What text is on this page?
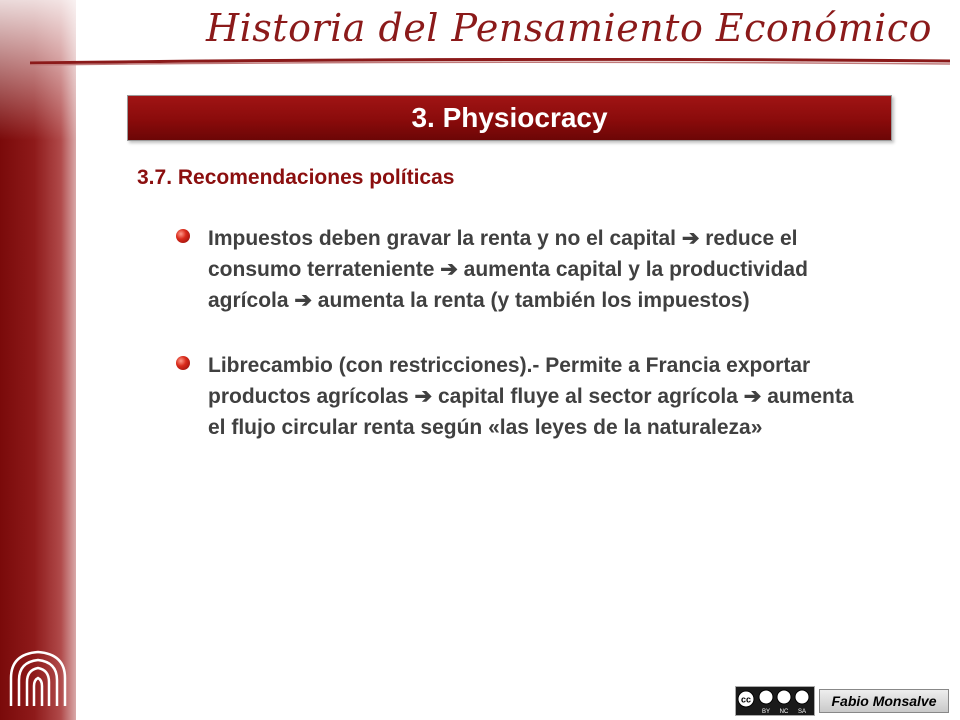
Historia del Pensamiento Económico
3. Physiocracy
3.7. Recomendaciones políticas
Impuestos deben gravar la renta y no el capital ➔ reduce el consumo terrateniente ➔ aumenta capital y la productividad agrícola ➔ aumenta la renta (y también los impuestos)
Librecambio (con restricciones).- Permite a Francia exportar productos agrícolas ➔ capital fluye al sector agrícola ➔ aumenta el flujo circular renta según «las leyes de la naturaleza»
cc
BY NC SA
Fabio Monsalve
